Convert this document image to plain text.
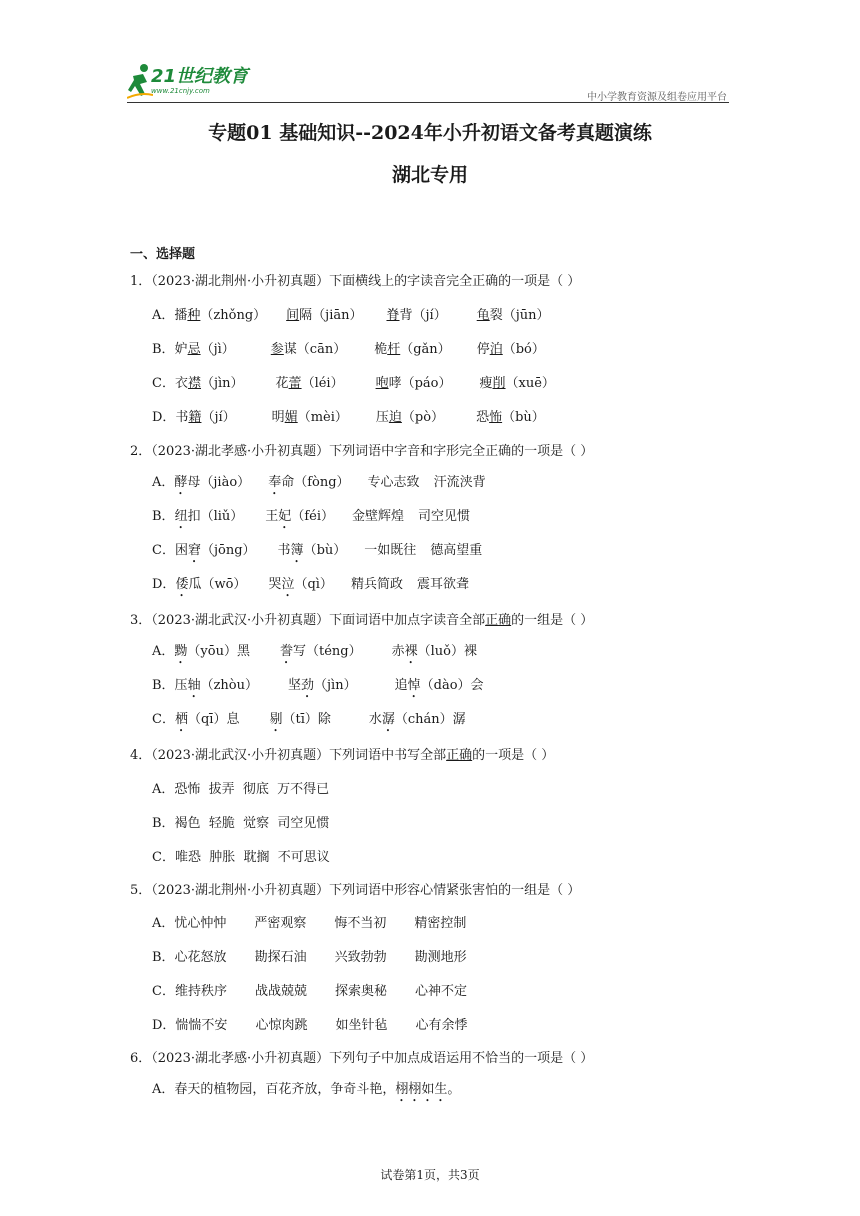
21世纪教育
www.21cnjy.com
中小学教育资源及组卷应用平台
专题01 基础知识--2024年小升初语文备考真题演练
湖北专用
一、选择题
1．（2023·湖北荆州·小升初真题）下面横线上的字读音完全正确的一项是（ ）
A．播种（zhǒng） 间隔（jiān） 脊背（jí） 龟裂（jūn）
B．妒忌（jì）	参谋（cān） 桅杆（gǎn） 停泊（bó）
C．衣襟（jìn） 花蕾（léi） 咆哮（páo） 瘦削（xuē）
D．书籍（jí）	明媚（mèi） 压迫（pò） 恐怖（bù）
2．（2023·湖北孝感·小升初真题）下列词语中字音和字形完全正确的一项是（ ）
A．酵母（jiào） 奉命（fòng） 专心志致 汗流浃背
B．纽扣（liǔ） 王妃（féi） 金壁辉煌 司空见惯
C．困窘（jōng） 书簿（bù） 一如既往 德高望重
D．倭瓜（wō） 哭泣（qì） 精兵简政 震耳欲聋
3．（2023·湖北武汉·小升初真题）下面词语中加点字读音全部正确的一组是（ ）
A．黝（yōu）黑 誊写（téng） 赤裸（luǒ）裸
B．压轴（zhòu） 坚劲（jìn）	追悼（dào）会
C．栖（qī）息 剔（tī）除	水潺（chán）潺
4．（2023·湖北武汉·小升初真题）下列词语中书写全部正确的一项是（ ）
A．恐怖  拔弄  彻底  万不得已
B．褐色  轻脆  觉察  司空见惯
C．唯恐  肿胀  耽搁  不可思议
5．（2023·湖北荆州·小升初真题）下列词语中形容心情紧张害怕的一组是（ ）
A．忧心忡忡 严密观察 悔不当初 精密控制
B．心花怒放 勘探石油 兴致勃勃 勘测地形
C．维持秩序 战战兢兢 探索奥秘 心神不定
D．惴惴不安 心惊肉跳 如坐针毡 心有余悸
6．（2023·湖北孝感·小升初真题）下列句子中加点成语运用不恰当的一项是（ ）
A．春天的植物园，百花齐放，争奇斗艳，栩栩如生。
试卷第1页，共3页
